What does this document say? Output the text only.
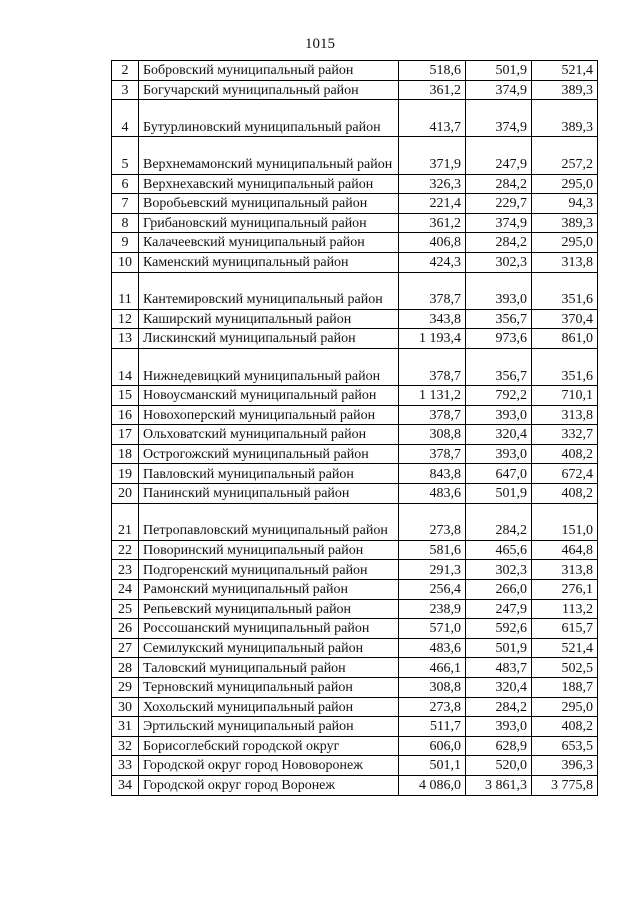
1015
2	Бобровский муниципальный район	518,6	501,9	521,4
3	Богучарский муниципальный район	361,2	374,9	389,3
4	Бутурлиновский муниципальный район	413,7	374,9	389,3
5	Верхнемамонский муниципальный район	371,9	247,9	257,2
6	Верхнехавский муниципальный район	326,3	284,2	295,0
7	Воробьевский муниципальный район	221,4	229,7	94,3
8	Грибановский муниципальный район	361,2	374,9	389,3
9	Калачеевский муниципальный район	406,8	284,2	295,0
10	Каменский муниципальный район	424,3	302,3	313,8
11	Кантемировский муниципальный район	378,7	393,0	351,6
12	Каширский муниципальный район	343,8	356,7	370,4
13	Лискинский муниципальный район	1 193,4	973,6	861,0
14	Нижнедевицкий муниципальный район	378,7	356,7	351,6
15	Новоусманский муниципальный район	1 131,2	792,2	710,1
16	Новохоперский муниципальный район	378,7	393,0	313,8
17	Ольховатский муниципальный район	308,8	320,4	332,7
18	Острогожский муниципальный район	378,7	393,0	408,2
19	Павловский муниципальный район	843,8	647,0	672,4
20	Панинский муниципальный район	483,6	501,9	408,2
21	Петропавловский муниципальный район	273,8	284,2	151,0
22	Поворинский муниципальный район	581,6	465,6	464,8
23	Подгоренский муниципальный район	291,3	302,3	313,8
24	Рамонский муниципальный район	256,4	266,0	276,1
25	Репьевский муниципальный район	238,9	247,9	113,2
26	Россошанский муниципальный район	571,0	592,6	615,7
27	Семилукский муниципальный район	483,6	501,9	521,4
28	Таловский муниципальный район	466,1	483,7	502,5
29	Терновский муниципальный район	308,8	320,4	188,7
30	Хохольский муниципальный район	273,8	284,2	295,0
31	Эртильский муниципальный район	511,7	393,0	408,2
32	Борисоглебский городской округ	606,0	628,9	653,5
33	Городской округ город Нововоронеж	501,1	520,0	396,3
34	Городской округ город Воронеж	4 086,0	3 861,3	3 775,8
